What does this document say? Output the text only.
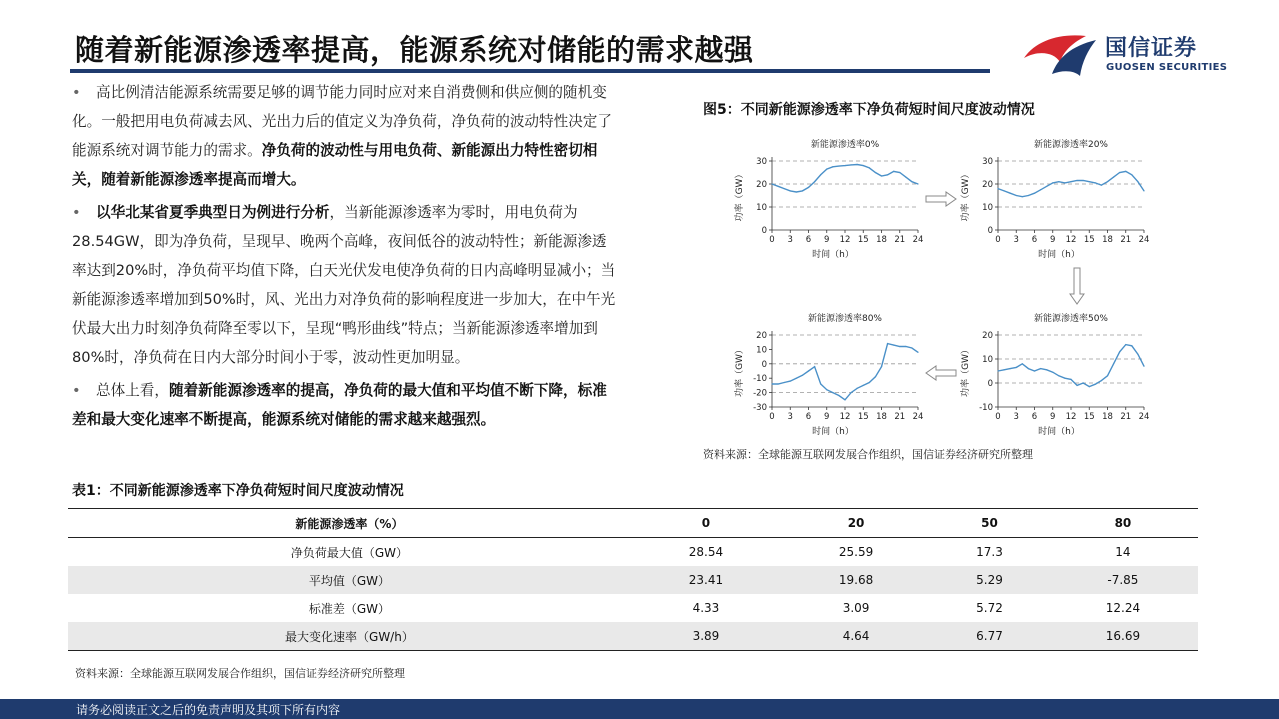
随着新能源渗透率提高，能源系统对储能的需求越强	国信证券
GUOSEN SECURITIES
• 高比例清洁能源系统需要足够的调节能力同时应对来自消费侧和供应侧的随机变化。一般把用电负荷减去风、光出力后的值定义为净负荷，净负荷的波动特性决定了能源系统对调节能力的需求。净负荷的波动性与用电负荷、新能源出力特性密切相关，随着新能源渗透率提高而增大。
• 以华北某省夏季典型日为例进行分析，当新能源渗透率为零时，用电负荷为28.54GW，即为净负荷，呈现早、晚两个高峰，夜间低谷的波动特性；新能源渗透率达到20%时，净负荷平均值下降，白天光伏发电使净负荷的日内高峰明显减小；当新能源渗透率增加到50%时，风、光出力对净负荷的影响程度进一步加大，在中午光伏最大出力时刻净负荷降至零以下，呈现“鸭形曲线”特点；当新能源渗透率增加到80%时，净负荷在日内大部分时间小于零，波动性更加明显。
• 总体上看，随着新能源渗透率的提高，净负荷的最大值和平均值不断下降，标准差和最大变化速率不断提高，能源系统对储能的需求越来越强烈。
图5：不同新能源渗透率下净负荷短时间尺度波动情况
新能源渗透率0%
0
10
20
30
0 3 6 9 12 15 18 21 24
时间（h）
功率（GW）
新能源渗透率20%
0
10
20
30
0 3 6 9 12 15 18 21 24
时间（h）
功率（GW）
新能源渗透率80%
-30
-20
-10
0
10
20
0 3 6 9 12 15 18 21 24
时间（h）
功率（GW）
新能源渗透率50%
-10
0
10
20
0 3 6 9 12 15 18 21 24
时间（h）
功率（GW）
资料来源：全球能源互联网发展合作组织，国信证券经济研究所整理
表1：不同新能源渗透率下净负荷短时间尺度波动情况
新能源渗透率（%）	0	20	50	80
净负荷最大值（GW）	28.54	25.59	17.3	14
平均值（GW）	23.41	19.68	5.29	-7.85
标准差（GW）	4.33	3.09	5.72	12.24
最大变化速率（GW/h）	3.89	4.64	6.77	16.69
资料来源：全球能源互联网发展合作组织，国信证券经济研究所整理
请务必阅读正文之后的免责声明及其项下所有内容
